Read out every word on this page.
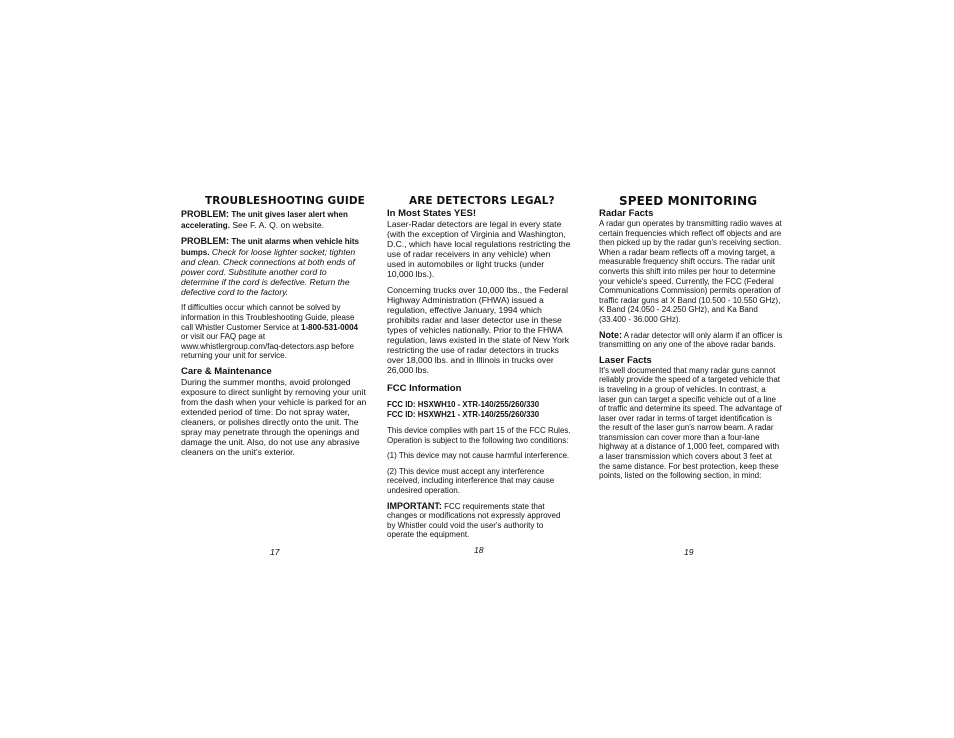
TROUBLESHOOTING GUIDE

PROBLEM: The unit gives laser alert when accelerating. See F. A. Q. on website.

PROBLEM: The unit alarms when vehicle hits bumps. Check for loose lighter socket; tighten and clean. Check connections at both ends of power cord. Substitute another cord to determine if the cord is defective. Return the defective cord to the factory.

If difficulties occur which cannot be solved by information in this Troubleshooting Guide, please call Whistler Customer Service at 1-800-531-0004 or visit our FAQ page at www.whistlergroup.com/faq-detectors.asp before returning your unit for service.

Care & Maintenance

During the summer months, avoid prolonged exposure to direct sunlight by removing your unit from the dash when your vehicle is parked for an extended period of time. Do not spray water, cleaners, or polishes directly onto the unit. The spray may penetrate through the openings and damage the unit. Also, do not use any abrasive cleaners on the unit's exterior.

ARE DETECTORS LEGAL?
In Most States YES!

Laser-Radar detectors are legal in every state (with the exception of Virginia and Washington, D.C., which have local regulations restricting the use of radar receivers in any vehicle) when used in automobiles or light trucks (under 10,000 lbs.).

Concerning trucks over 10,000 lbs., the Federal Highway Administration (FHWA) issued a regulation, effective January, 1994 which prohibits radar and laser detector use in these types of vehicles nationally. Prior to the FHWA regulation, laws existed in the state of New York restricting the use of radar detectors in trucks over 18,000 lbs. and in Illinois in trucks over 26,000 lbs.

FCC Information
FCC ID: HSXWH10 - XTR-140/255/260/330
FCC ID: HSXWH21 - XTR-140/255/260/330

This device complies with part 15 of the FCC Rules. Operation is subject to the following two conditions:

(1) This device may not cause harmful interference.

(2) This device must accept any interference received, including interference that may cause undesired operation.

IMPORTANT: FCC requirements state that changes or modifications not expressly approved by Whistler could void the user's authority to operate the equipment.

SPEED MONITORING
Radar Facts

A radar gun operates by transmitting radio waves at certain frequencies which reflect off objects and are then picked up by the radar gun's receiving section. When a radar beam reflects off a moving target, a measurable frequency shift occurs. The radar unit converts this shift into miles per hour to determine your vehicle's speed. Currently, the FCC (Federal Communications Commission) permits operation of traffic radar guns at X Band (10.500 - 10.550 GHz), K Band (24.050 - 24.250 GHz), and Ka Band (33.400 - 36.000 GHz).

Note: A radar detector will only alarm if an officer is transmitting on any one of the above radar bands.

Laser Facts

It's well documented that many radar guns cannot reliably provide the speed of a targeted vehicle that is traveling in a group of vehicles. In contrast, a laser gun can target a specific vehicle out of a line of traffic and determine its speed. The advantage of laser over radar in terms of target identification is the result of the laser gun's narrow beam. A radar transmission can cover more than a four-lane highway at a distance of 1,000 feet, compared with a laser transmission which covers about 3 feet at the same distance. For best protection, keep these points, listed on the following section, in mind:

17	18	19
